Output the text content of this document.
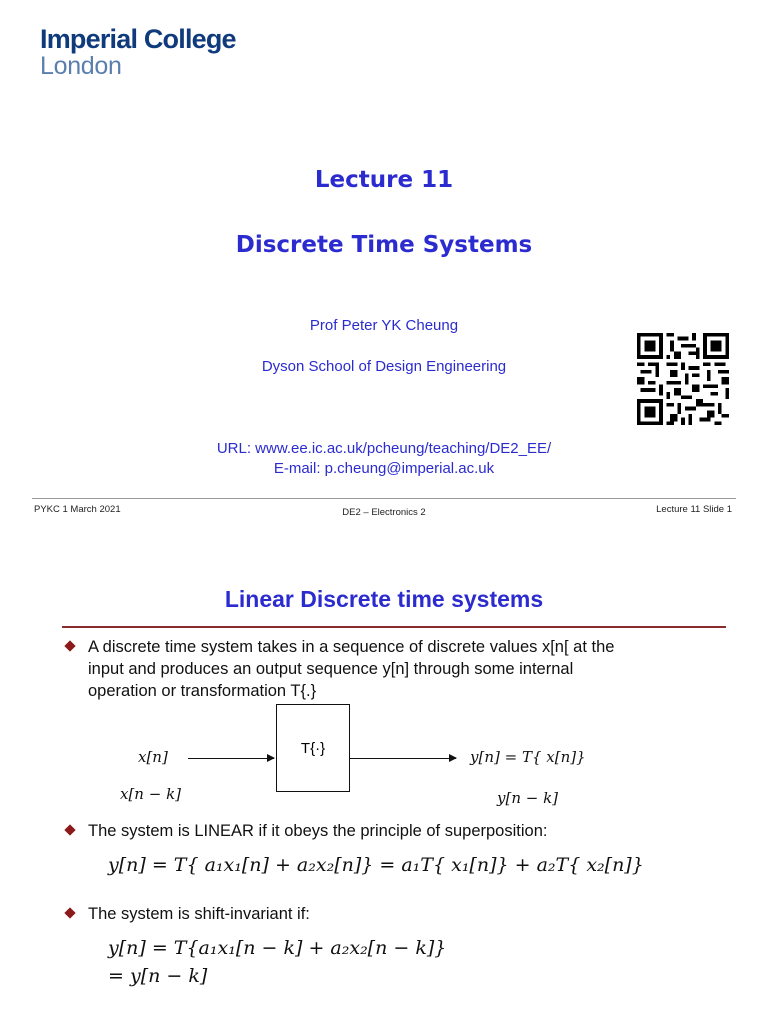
Imperial College
London
Lecture 11
Discrete Time Systems
Prof Peter YK Cheung
Dyson School of Design Engineering
URL: www.ee.ic.ac.uk/pcheung/teaching/DE2_EE/
E-mail: p.cheung@imperial.ac.uk
PYKC 1 March 2021	DE2 – Electronics 2	Lecture 11 Slide 1
Linear Discrete time systems
A discrete time system takes in a sequence of discrete values x[n[ at the
input and produces an output sequence y[n] through some internal
operation or transformation T{.}
x[n]
x[n − k]
T{·}	y[n] = T{ x[n]}
y[n − k]
The system is LINEAR if it obeys the principle of superposition:
y[n] = T{ a₁x₁[n] + a₂x₂[n]} = a₁T{ x₁[n]} + a₂T{ x₂[n]}
The system is shift-invariant if:
y[n] = T{a₁x₁[n − k] + a₂x₂[n − k]}
= y[n − k]
